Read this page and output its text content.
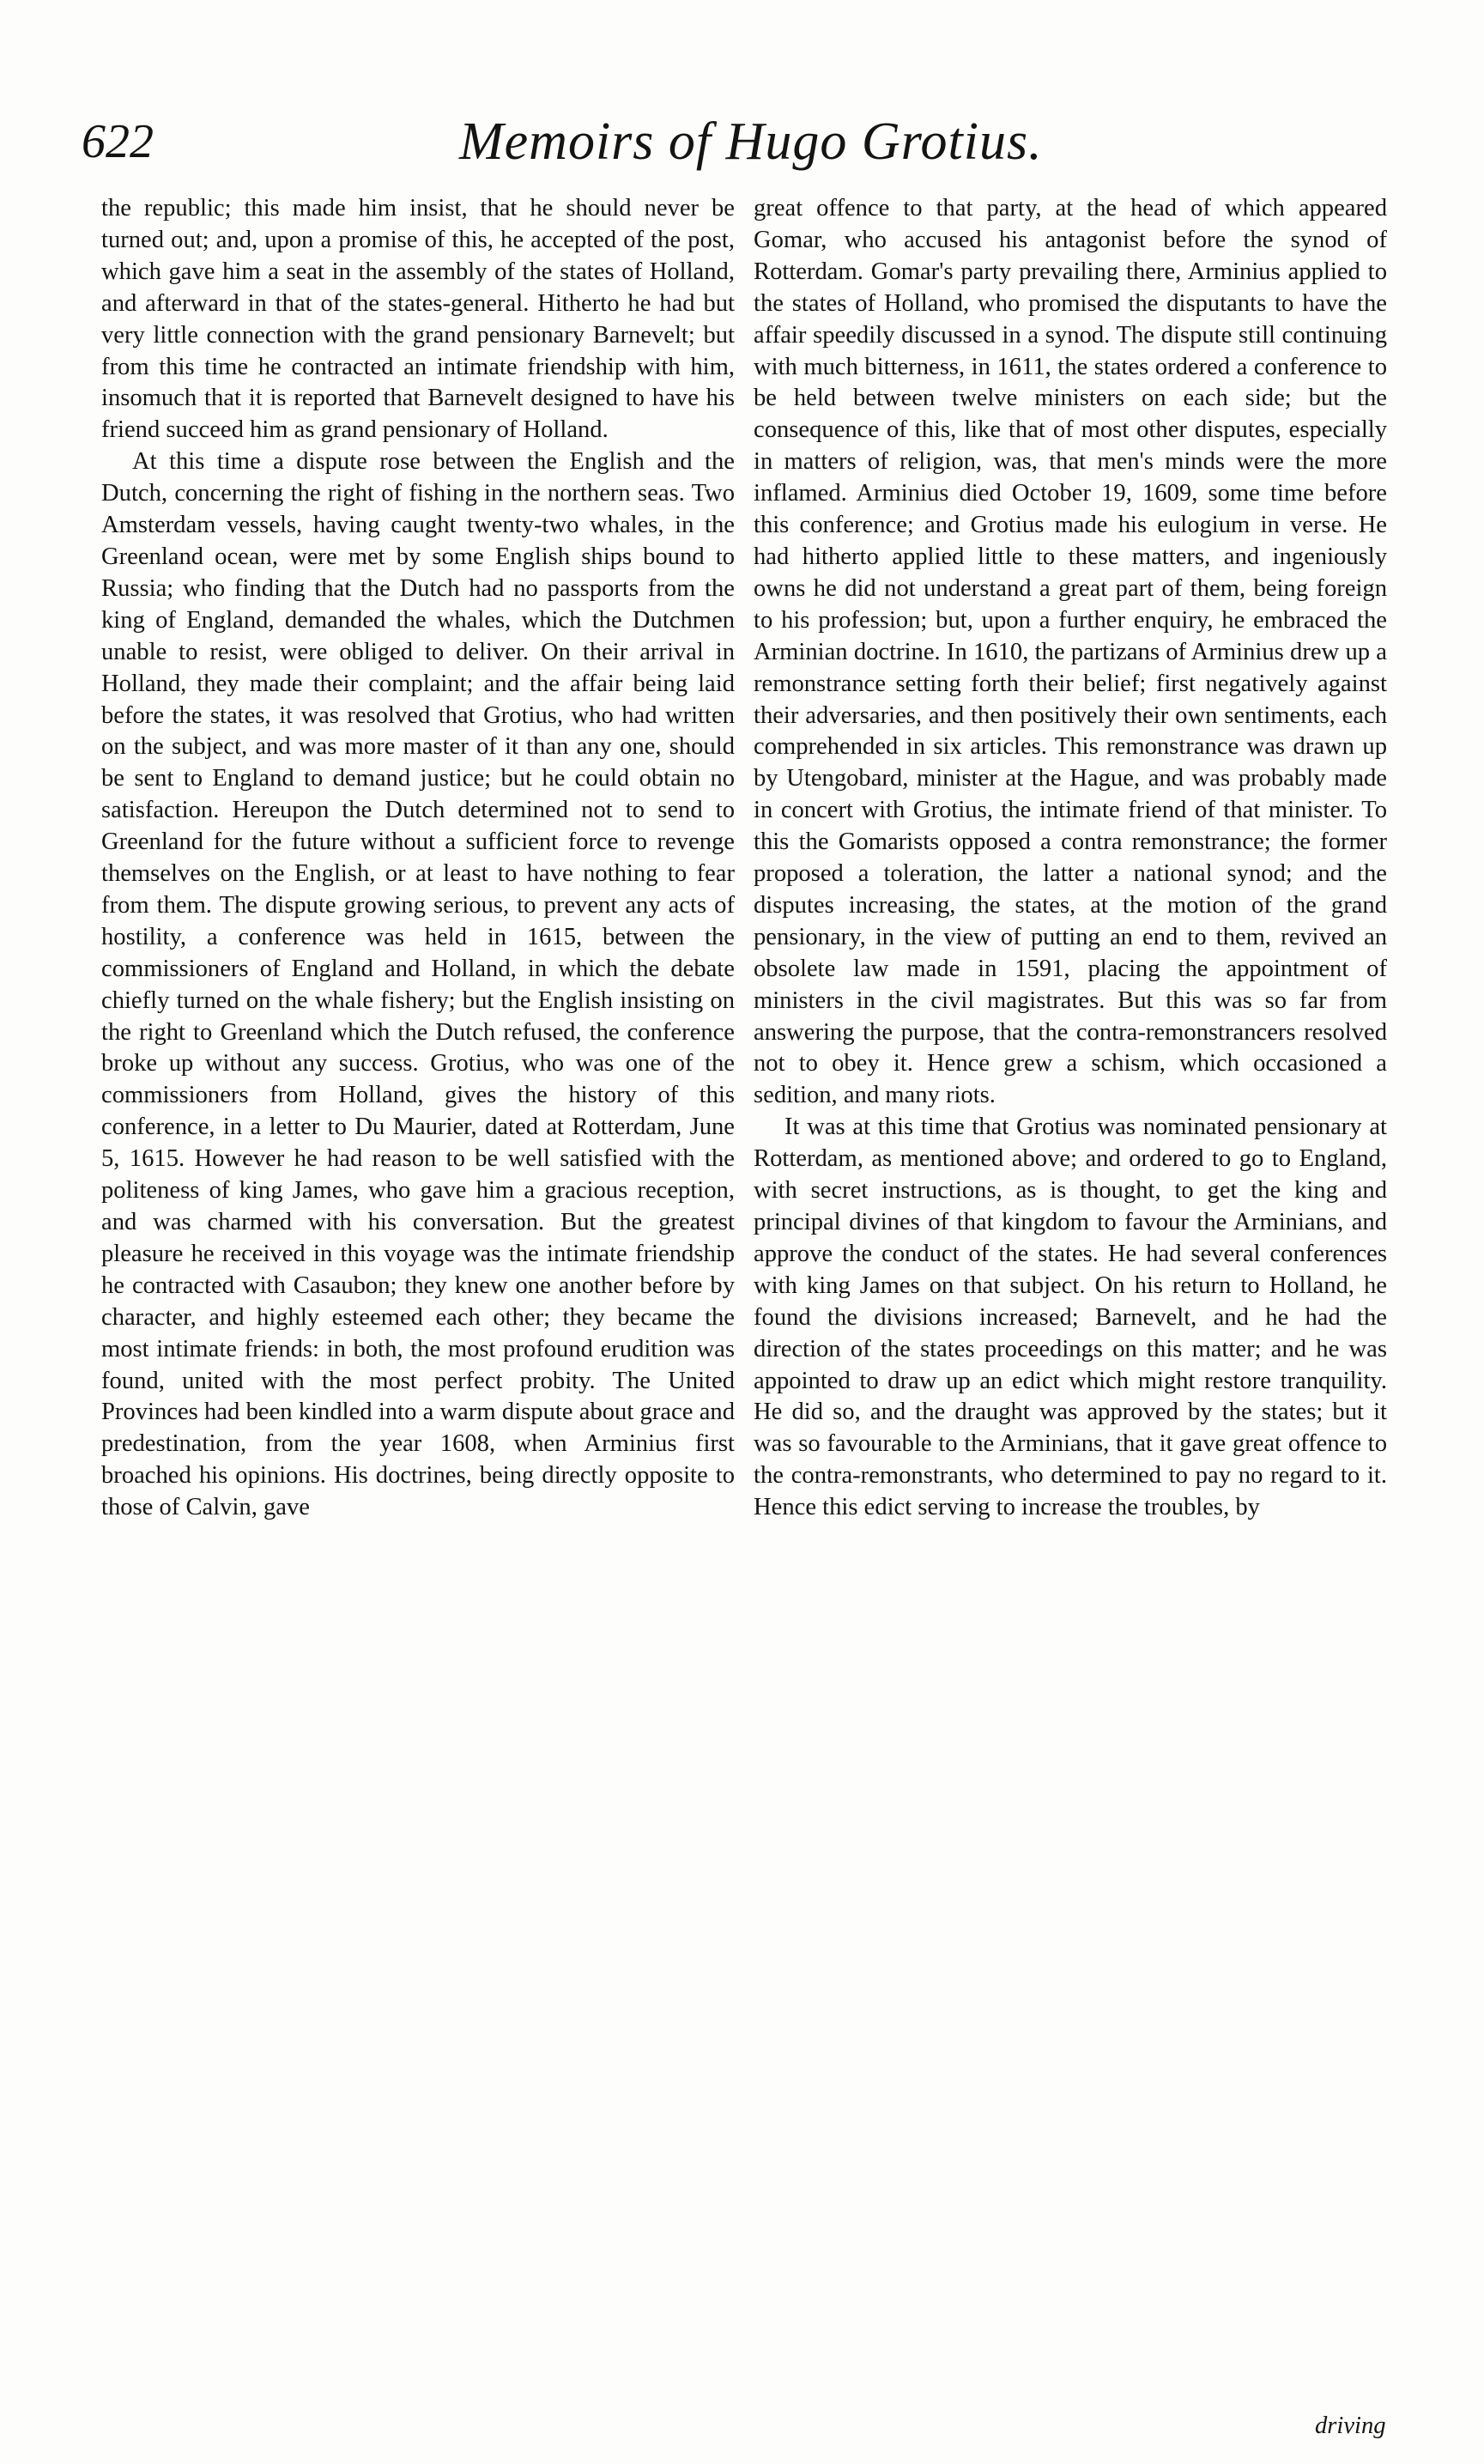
622	Memoirs of Hugo Grotius.

the republic; this made him insist, that he should never be turned out; and, upon a promise of this, he accepted of the post, which gave him a seat in the assembly of the states of Holland, and afterward in that of the states-general. Hitherto he had but very little connection with the grand pensionary Barnevelt; but from this time he contracted an intimate friendship with him, insomuch that it is reported that Barnevelt designed to have his friend succeed him as grand pensionary of Holland.

At this time a dispute rose between the English and the Dutch, concerning the right of fishing in the northern seas. Two Amsterdam vessels, having caught twenty-two whales, in the Greenland ocean, were met by some English ships bound to Russia; who finding that the Dutch had no passports from the king of England, demanded the whales, which the Dutchmen unable to resist, were obliged to deliver. On their arrival in Holland, they made their complaint; and the affair being laid before the states, it was resolved that Grotius, who had written on the subject, and was more master of it than any one, should be sent to England to demand justice; but he could obtain no satisfaction. Hereupon the Dutch determined not to send to Greenland for the future without a sufficient force to revenge themselves on the English, or at least to have nothing to fear from them. The dispute growing serious, to prevent any acts of hostility, a conference was held in 1615, between the commissioners of England and Holland, in which the debate chiefly turned on the whale fishery; but the English insisting on the right to Greenland which the Dutch refused, the conference broke up without any success. Grotius, who was one of the commissioners from Holland, gives the history of this conference, in a letter to Du Maurier, dated at Rotterdam, June 5, 1615. However he had reason to be well satisfied with the politeness of king James, who gave him a gracious reception, and was charmed with his conversation. But the greatest pleasure he received in this voyage was the intimate friendship he contracted with Casaubon; they knew one another before by character, and highly esteemed each other; they became the most intimate friends: in both, the most profound erudition was found, united with the most perfect probity. The United Provinces had been kindled into a warm dispute about grace and predestination, from the year 1608, when Arminius first broached his opinions. His doctrines, being directly opposite to those of Calvin, gave

great offence to that party, at the head of which appeared Gomar, who accused his antagonist before the synod of Rotterdam. Gomar's party prevailing there, Arminius applied to the states of Holland, who promised the disputants to have the affair speedily discussed in a synod. The dispute still continuing with much bitterness, in 1611, the states ordered a conference to be held between twelve ministers on each side; but the consequence of this, like that of most other disputes, especially in matters of religion, was, that men's minds were the more inflamed. Arminius died October 19, 1609, some time before this conference; and Grotius made his eulogium in verse. He had hitherto applied little to these matters, and ingeniously owns he did not understand a great part of them, being foreign to his profession; but, upon a further enquiry, he embraced the Arminian doctrine. In 1610, the partizans of Arminius drew up a remonstrance setting forth their belief; first negatively against their adversaries, and then positively their own sentiments, each comprehended in six articles. This remonstrance was drawn up by Utengobard, minister at the Hague, and was probably made in concert with Grotius, the intimate friend of that minister. To this the Gomarists opposed a contra remonstrance; the former proposed a toleration, the latter a national synod; and the disputes increasing, the states, at the motion of the grand pensionary, in the view of putting an end to them, revived an obsolete law made in 1591, placing the appointment of ministers in the civil magistrates. But this was so far from answering the purpose, that the contra-remonstrancers resolved not to obey it. Hence grew a schism, which occasioned a sedition, and many riots.

It was at this time that Grotius was nominated pensionary at Rotterdam, as mentioned above; and ordered to go to England, with secret instructions, as is thought, to get the king and principal divines of that kingdom to favour the Arminians, and approve the conduct of the states. He had several conferences with king James on that subject. On his return to Holland, he found the divisions increased; Barnevelt, and he had the direction of the states proceedings on this matter; and he was appointed to draw up an edict which might restore tranquility. He did so, and the draught was approved by the states; but it was so favourable to the Arminians, that it gave great offence to the contra-remonstrants, who determined to pay no regard to it. Hence this edict serving to increase the troubles, by

driving
